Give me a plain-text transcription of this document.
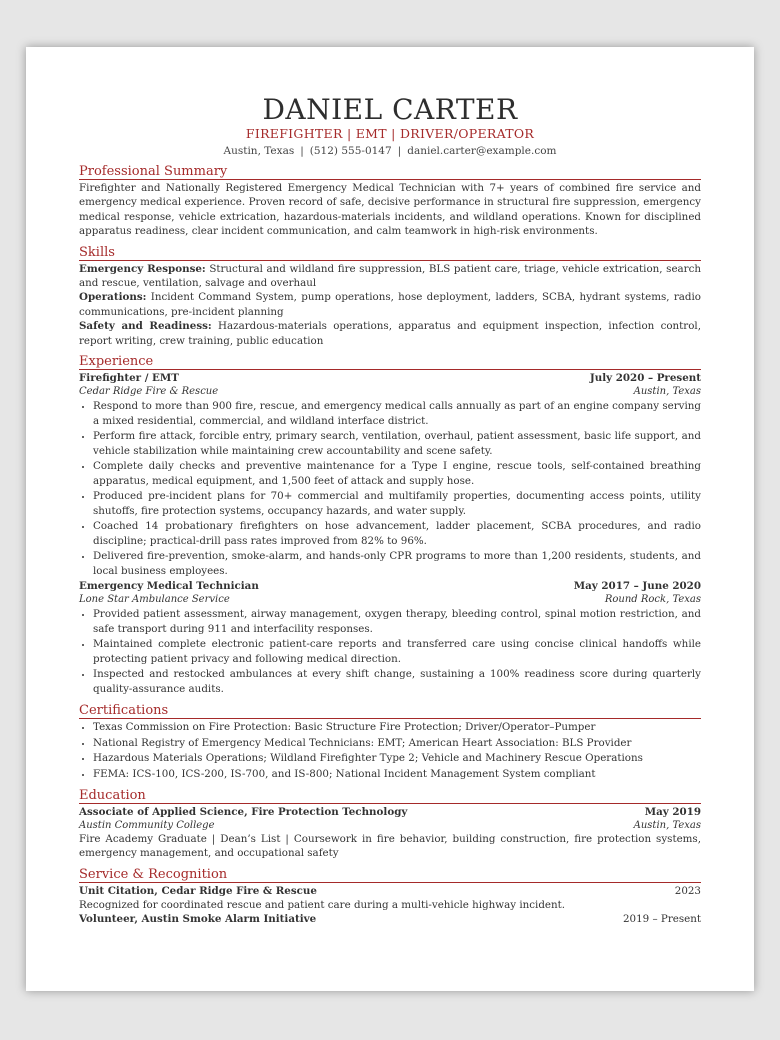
DANIEL CARTER
FIREFIGHTER | EMT | DRIVER/OPERATOR
Austin, Texas | (512) 555-0147 | daniel.carter@example.com
Professional Summary
Firefighter and Nationally Registered Emergency Medical Technician with 7+ years of combined fire service and emergency medical experience. Proven record of safe, decisive performance in structural fire suppression, emergency medical response, vehicle extrication, hazardous-materials incidents, and wildland operations. Known for disciplined apparatus readiness, clear incident communication, and calm teamwork in high-risk environments.
Skills
Emergency Response: Structural and wildland fire suppression, BLS patient care, triage, vehicle extrication, search and rescue, ventilation, salvage and overhaul
Operations: Incident Command System, pump operations, hose deployment, ladders, SCBA, hydrant systems, radio communications, pre-incident planning
Safety and Readiness: Hazardous-materials operations, apparatus and equipment inspection, infection control, report writing, crew training, public education
Experience
Firefighter / EMT	July 2020 – Present
Cedar Ridge Fire & Rescue	Austin, Texas
• Respond to more than 900 fire, rescue, and emergency medical calls annually as part of an engine company serving a mixed residential, commercial, and wildland interface district.
• Perform fire attack, forcible entry, primary search, ventilation, overhaul, patient assessment, basic life support, and vehicle stabilization while maintaining crew accountability and scene safety.
• Complete daily checks and preventive maintenance for a Type I engine, rescue tools, self-contained breathing apparatus, medical equipment, and 1,500 feet of attack and supply hose.
• Produced pre-incident plans for 70+ commercial and multifamily properties, documenting access points, utility shutoffs, fire protection systems, occupancy hazards, and water supply.
• Coached 14 probationary firefighters on hose advancement, ladder placement, SCBA procedures, and radio discipline; practical-drill pass rates improved from 82% to 96%.
• Delivered fire-prevention, smoke-alarm, and hands-only CPR programs to more than 1,200 residents, students, and local business employees.
Emergency Medical Technician	May 2017 – June 2020
Lone Star Ambulance Service	Round Rock, Texas
• Provided patient assessment, airway management, oxygen therapy, bleeding control, spinal motion restriction, and safe transport during 911 and interfacility responses.
• Maintained complete electronic patient-care reports and transferred care using concise clinical handoffs while protecting patient privacy and following medical direction.
• Inspected and restocked ambulances at every shift change, sustaining a 100% readiness score during quarterly quality-assurance audits.
Certifications
• Texas Commission on Fire Protection: Basic Structure Fire Protection; Driver/Operator–Pumper
• National Registry of Emergency Medical Technicians: EMT; American Heart Association: BLS Provider
• Hazardous Materials Operations; Wildland Firefighter Type 2; Vehicle and Machinery Rescue Operations
• FEMA: ICS-100, ICS-200, IS-700, and IS-800; National Incident Management System compliant
Education
Associate of Applied Science, Fire Protection Technology	May 2019
Austin Community College	Austin, Texas
Fire Academy Graduate | Dean’s List | Coursework in fire behavior, building construction, fire protection systems, emergency management, and occupational safety
Service & Recognition
Unit Citation, Cedar Ridge Fire & Rescue	2023
Recognized for coordinated rescue and patient care during a multi-vehicle highway incident.
Volunteer, Austin Smoke Alarm Initiative	2019 – Present
